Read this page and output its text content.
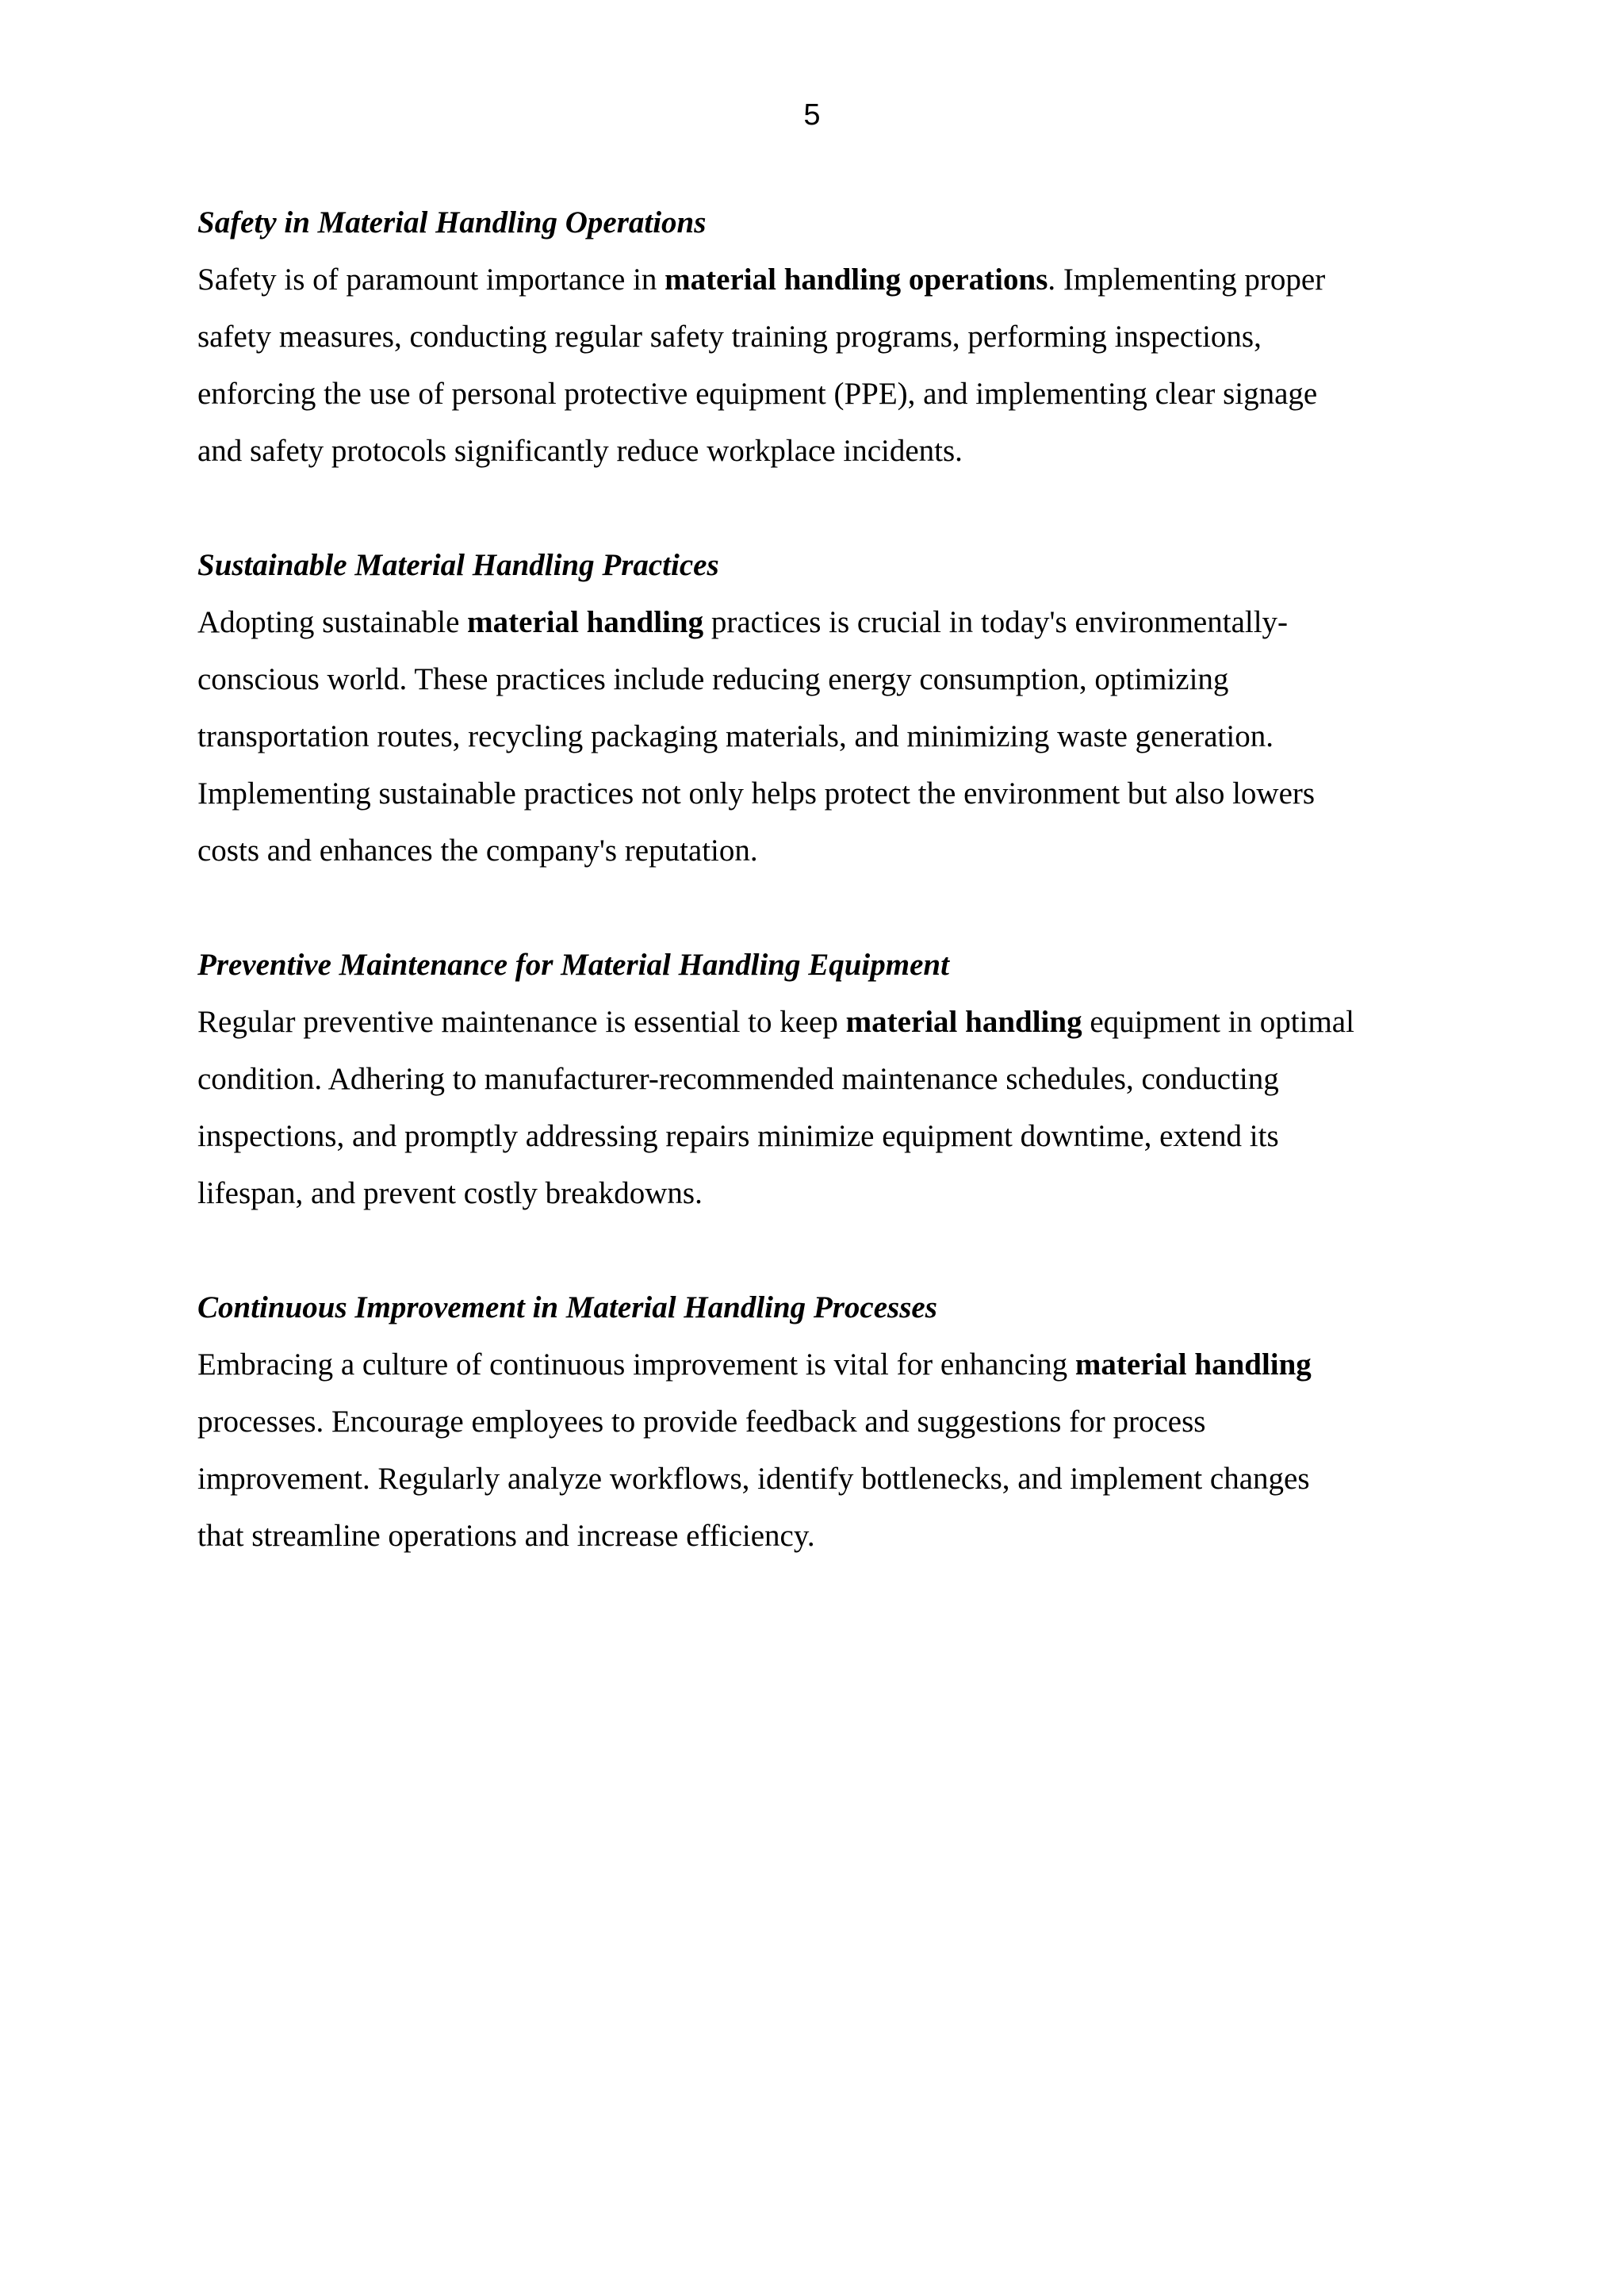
5
Safety in Material Handling Operations

Safety is of paramount importance in material handling operations. Implementing proper
safety measures, conducting regular safety training programs, performing inspections,
enforcing the use of personal protective equipment (PPE), and implementing clear signage
and safety protocols significantly reduce workplace incidents.

Sustainable Material Handling Practices

Adopting sustainable material handling practices is crucial in today's environmentally-
conscious world. These practices include reducing energy consumption, optimizing
transportation routes, recycling packaging materials, and minimizing waste generation.
Implementing sustainable practices not only helps protect the environment but also lowers
costs and enhances the company's reputation.

Preventive Maintenance for Material Handling Equipment

Regular preventive maintenance is essential to keep material handling equipment in optimal
condition. Adhering to manufacturer-recommended maintenance schedules, conducting
inspections, and promptly addressing repairs minimize equipment downtime, extend its
lifespan, and prevent costly breakdowns.

Continuous Improvement in Material Handling Processes

Embracing a culture of continuous improvement is vital for enhancing material handling
processes. Encourage employees to provide feedback and suggestions for process
improvement. Regularly analyze workflows, identify bottlenecks, and implement changes
that streamline operations and increase efficiency.
